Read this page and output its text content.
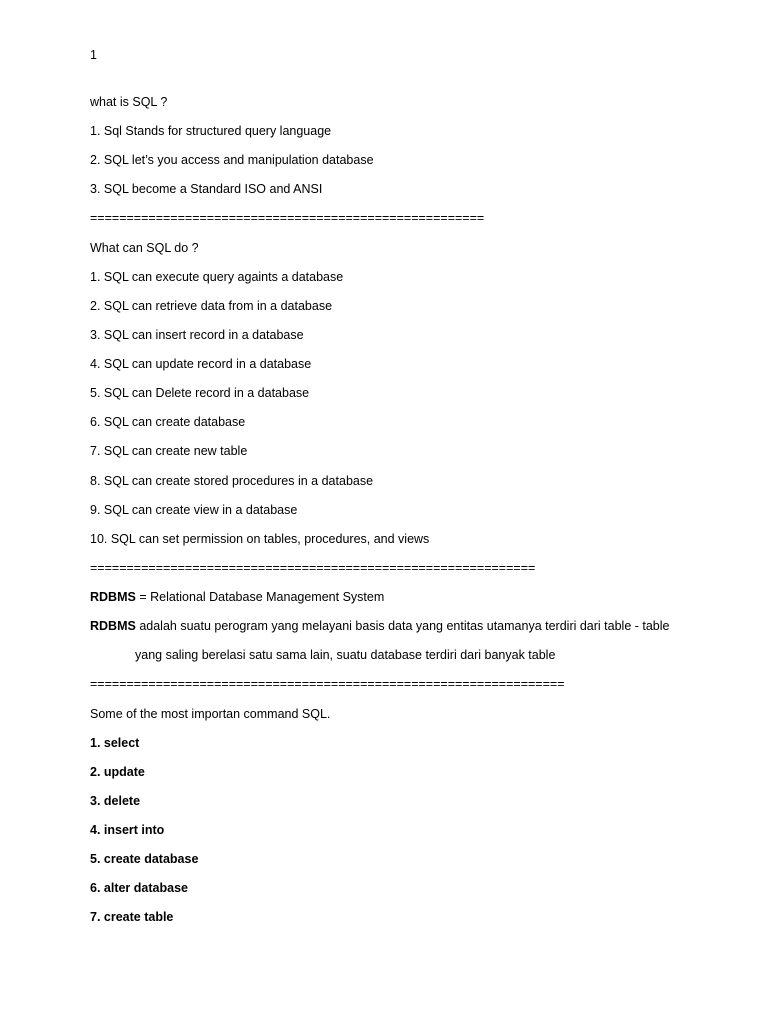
1
what is SQL ?
1. Sql Stands for structured query language
2. SQL let’s you access and manipulation database
3. SQL become a Standard ISO and ANSI
======================================================
What can SQL do ?
1. SQL can execute query againts a database
2. SQL can retrieve data from in a database
3. SQL can insert record in a database
4. SQL can update record in a database
5. SQL can Delete record in a database
6. SQL can create database
7. SQL can create new table
8. SQL can create stored procedures in a database
9. SQL can create view in a database
10. SQL can set permission on tables, procedures, and views
=============================================================
RDBMS = Relational Database Management System
RDBMS adalah suatu perogram yang melayani basis data yang entitas utamanya terdiri dari table - table
yang saling berelasi satu sama lain, suatu database terdiri dari banyak table
=================================================================
Some of the most importan command SQL.
1. select
2. update
3. delete
4. insert into
5. create database
6. alter database
7. create table
